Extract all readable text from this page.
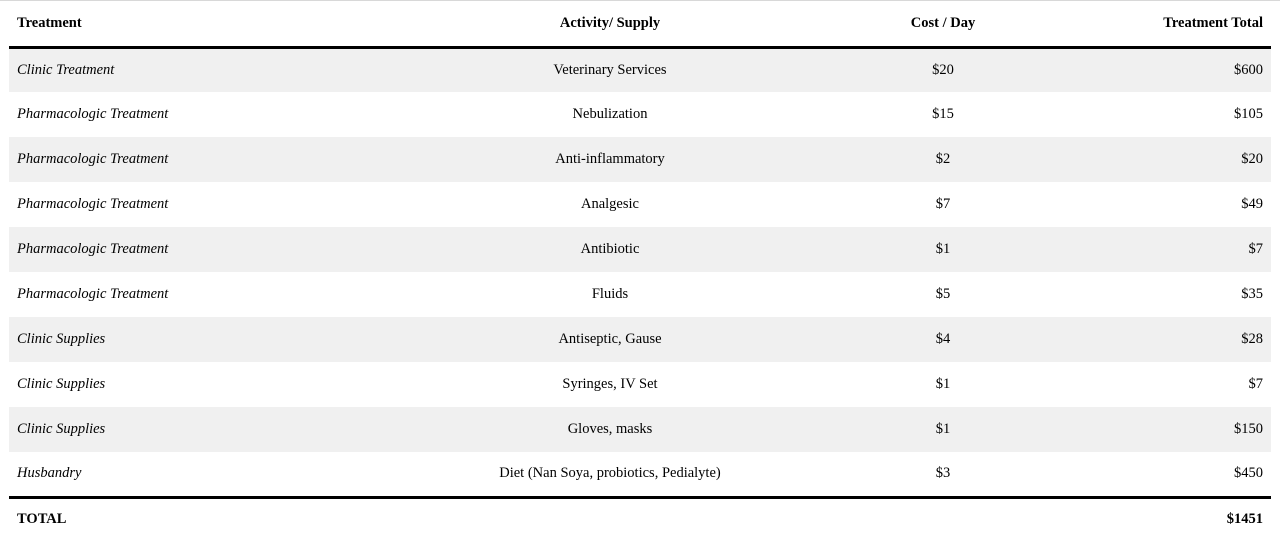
Treatment	Activity/ Supply	Cost / Day	Treatment Total
Clinic Treatment	Veterinary Services	$20	$600
Pharmacologic Treatment	Nebulization	$15	$105
Pharmacologic Treatment	Anti-inflammatory	$2	$20
Pharmacologic Treatment	Analgesic	$7	$49
Pharmacologic Treatment	Antibiotic	$1	$7
Pharmacologic Treatment	Fluids	$5	$35
Clinic Supplies	Antiseptic, Gause	$4	$28
Clinic Supplies	Syringes, IV Set	$1	$7
Clinic Supplies	Gloves, masks	$1	$150
Husbandry	Diet (Nan Soya, probiotics, Pedialyte)	$3	$450
TOTAL			$1451
